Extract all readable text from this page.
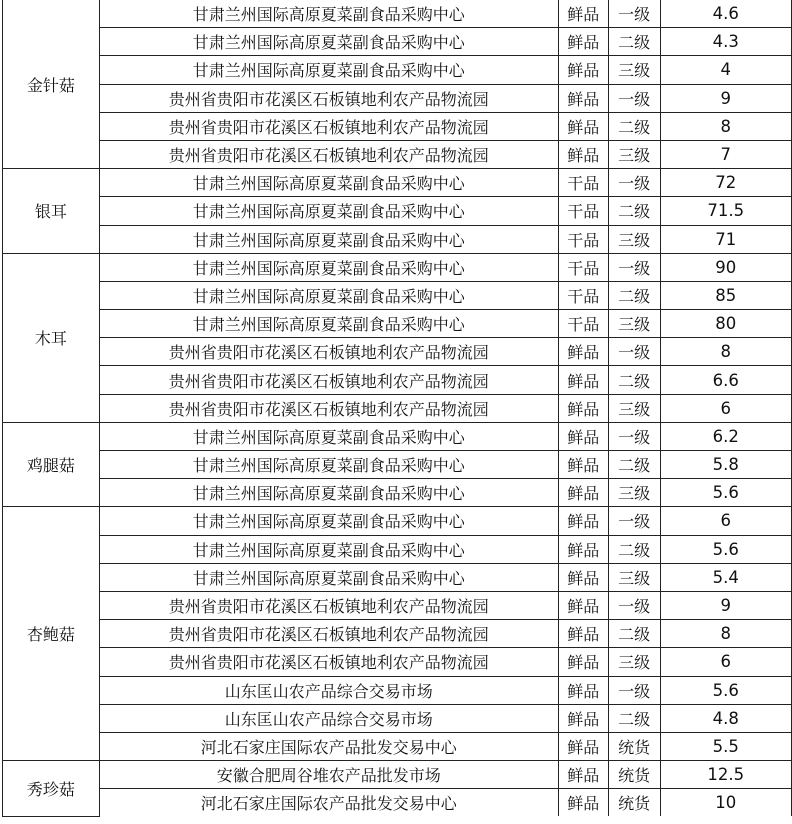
金针菇	甘肃兰州国际高原夏菜副食品采购中心	鲜品	一级	4.6
	甘肃兰州国际高原夏菜副食品采购中心	鲜品	二级	4.3
	甘肃兰州国际高原夏菜副食品采购中心	鲜品	三级	4
	贵州省贵阳市花溪区石板镇地利农产品物流园	鲜品	一级	9
	贵州省贵阳市花溪区石板镇地利农产品物流园	鲜品	二级	8
	贵州省贵阳市花溪区石板镇地利农产品物流园	鲜品	三级	7
银耳	甘肃兰州国际高原夏菜副食品采购中心	干品	一级	72
	甘肃兰州国际高原夏菜副食品采购中心	干品	二级	71.5
	甘肃兰州国际高原夏菜副食品采购中心	干品	三级	71
木耳	甘肃兰州国际高原夏菜副食品采购中心	干品	一级	90
	甘肃兰州国际高原夏菜副食品采购中心	干品	二级	85
	甘肃兰州国际高原夏菜副食品采购中心	干品	三级	80
	贵州省贵阳市花溪区石板镇地利农产品物流园	鲜品	一级	8
	贵州省贵阳市花溪区石板镇地利农产品物流园	鲜品	二级	6.6
	贵州省贵阳市花溪区石板镇地利农产品物流园	鲜品	三级	6
鸡腿菇	甘肃兰州国际高原夏菜副食品采购中心	鲜品	一级	6.2
	甘肃兰州国际高原夏菜副食品采购中心	鲜品	二级	5.8
	甘肃兰州国际高原夏菜副食品采购中心	鲜品	三级	5.6
杏鲍菇	甘肃兰州国际高原夏菜副食品采购中心	鲜品	一级	6
	甘肃兰州国际高原夏菜副食品采购中心	鲜品	二级	5.6
	甘肃兰州国际高原夏菜副食品采购中心	鲜品	三级	5.4
	贵州省贵阳市花溪区石板镇地利农产品物流园	鲜品	一级	9
	贵州省贵阳市花溪区石板镇地利农产品物流园	鲜品	二级	8
	贵州省贵阳市花溪区石板镇地利农产品物流园	鲜品	三级	6
	山东匡山农产品综合交易市场	鲜品	一级	5.6
	山东匡山农产品综合交易市场	鲜品	二级	4.8
	河北石家庄国际农产品批发交易中心	鲜品	统货	5.5
秀珍菇	安徽合肥周谷堆农产品批发市场	鲜品	统货	12.5
	河北石家庄国际农产品批发交易中心	鲜品	统货	10
